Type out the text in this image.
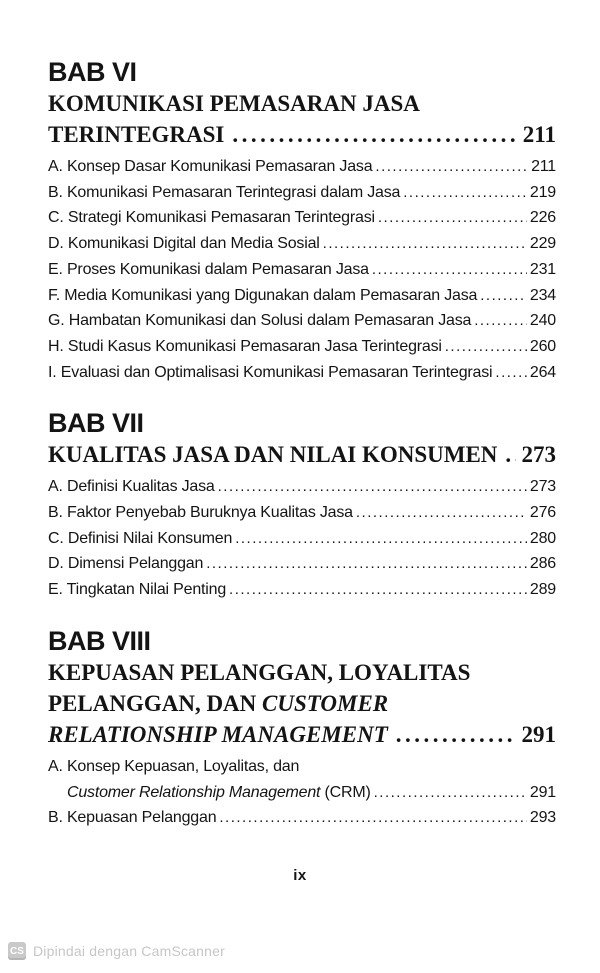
BAB VI
KOMUNIKASI PEMASARAN JASA
TERINTEGRASI .....	211
A. Konsep Dasar Komunikasi Pemasaran Jasa .....	211
B. Komunikasi Pemasaran Terintegrasi dalam Jasa .....	219
C. Strategi Komunikasi Pemasaran Terintegrasi .....	226
D. Komunikasi Digital dan Media Sosial .....	229
E. Proses Komunikasi dalam Pemasaran Jasa .....	231
F. Media Komunikasi yang Digunakan dalam Pemasaran Jasa .....	234
G. Hambatan Komunikasi dan Solusi dalam Pemasaran Jasa .....	240
H. Studi Kasus Komunikasi Pemasaran Jasa Terintegrasi .....	260
I. Evaluasi dan Optimalisasi Komunikasi Pemasaran Terintegrasi ..... 264
BAB VII
KUALITAS JASA DAN NILAI KONSUMEN ..... 273
A. Definisi Kualitas Jasa .....	273
B. Faktor Penyebab Buruknya Kualitas Jasa .....	276
C. Definisi Nilai Konsumen .....	280
D. Dimensi Pelanggan .....	286
E. Tingkatan Nilai Penting .....	289
BAB VIII
KEPUASAN PELANGGAN, LOYALITAS
PELANGGAN, DAN CUSTOMER
RELATIONSHIP MANAGEMENT .....	291
A. Konsep Kepuasan, Loyalitas, dan
Customer Relationship Management (CRM) .....	291
B. Kepuasan Pelanggan .....	293
ix
CS Dipindai dengan CamScanner
